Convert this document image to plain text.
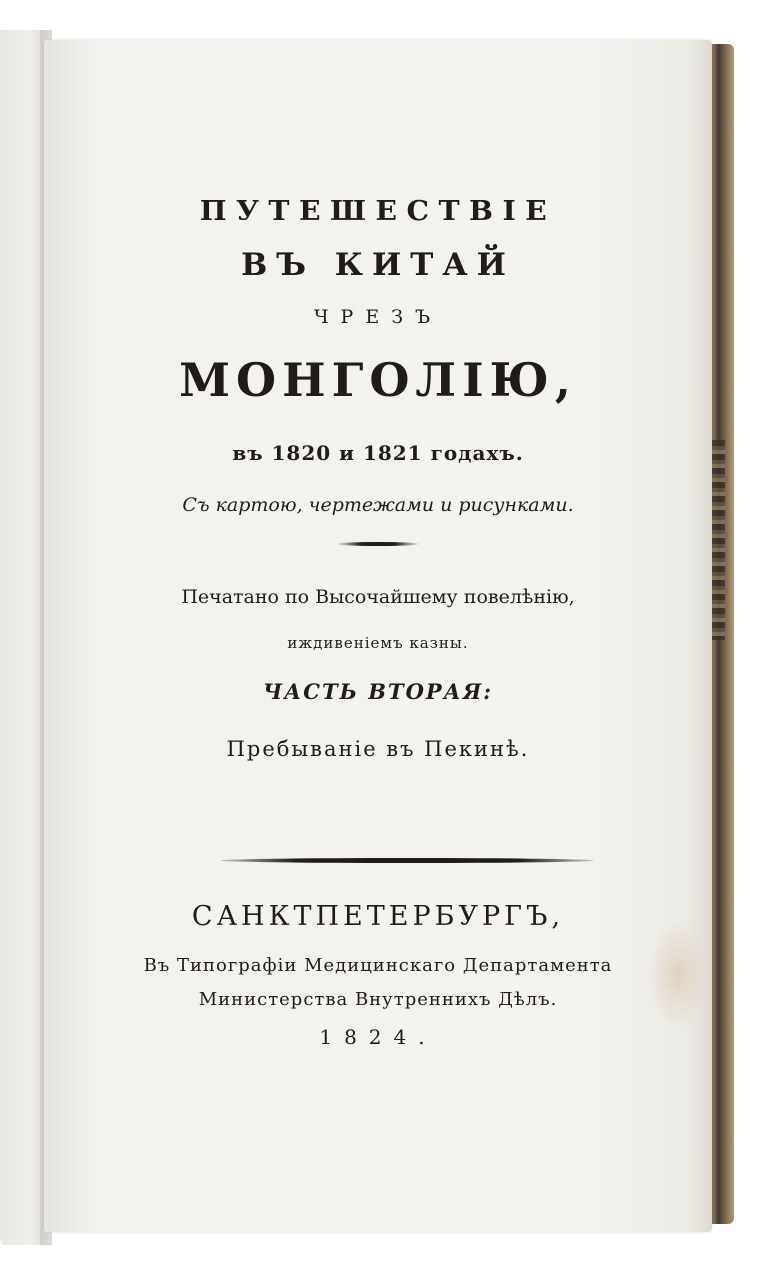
ПУТЕШЕСТВІЕ
ВЪ КИТАЙ
ЧРЕЗЪ
МОНГОЛІЮ,
въ 1820 и 1821 годахъ.
Съ картою, чертежами и рисунками.
Печатано по Высочайшему повелѣнію,
иждивеніемъ казны.
ЧАСТЬ ВТОРАЯ:
Пребываніе въ Пекинѣ.
САНКТПЕТЕРБУРГЪ,
Въ Типографіи Медицинскаго Департамента
Министерства Внутреннихъ Дѣлъ.
1824.
